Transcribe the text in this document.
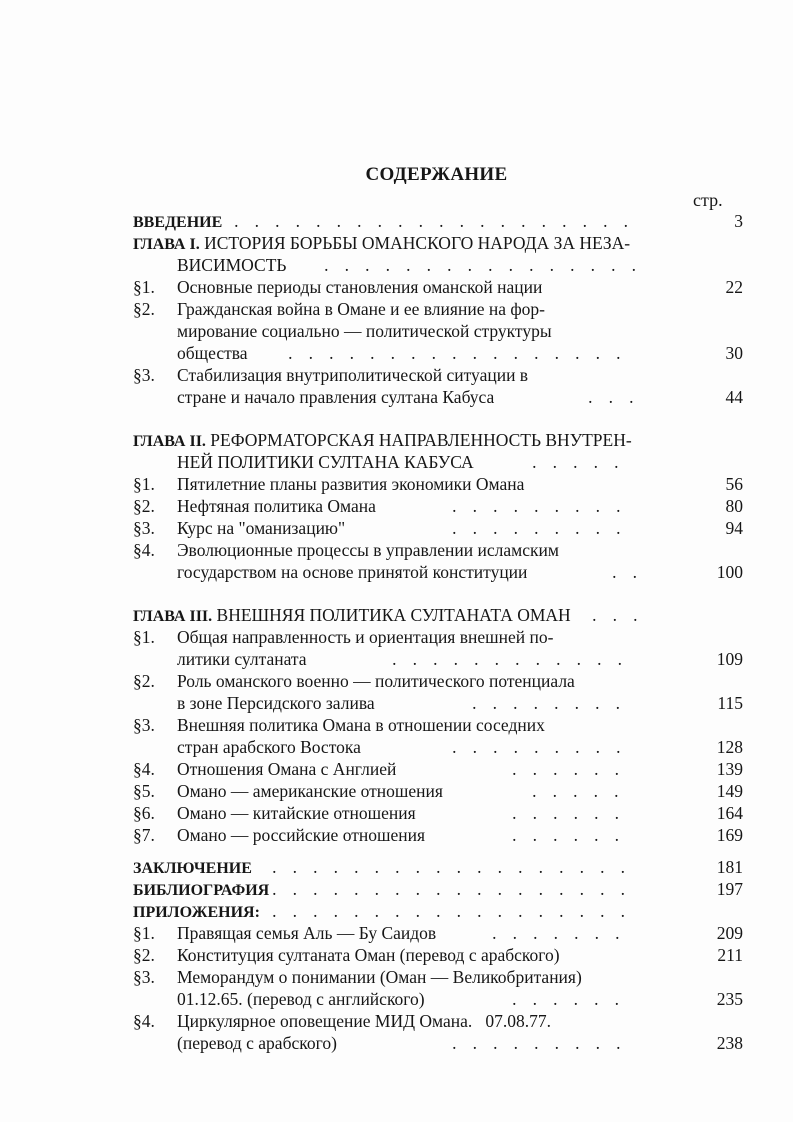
СОДЕРЖАНИЕ
стр.
ВВЕДЕНИЕ . . . . . . . . . . . . . . . . . . . .	3
ГЛАВА I. ИСТОРИЯ БОРЬБЫ ОМАНСКОГО НАРОДА ЗА НЕЗА-
ВИСИМОСТЬ	. . . . . . . . . . . . . . . .
§1.	Основные периоды становления оманской нации	22
§2.	Гражданская война в Омане и ее влияние на фор-
мирование социально — политической структуры
общества	. . . . . . . . . . . . . . . . .	30
§3.	Стабилизация внутриполитической ситуации в
стране и начало правления султана Кабуса	. . .	44
ГЛАВА II. РЕФОРМАТОРСКАЯ НАПРАВЛЕННОСТЬ ВНУТРЕН-
НЕЙ ПОЛИТИКИ СУЛТАНА КАБУСА	. . . . .
§1.	Пятилетние планы развития экономики Омана	56
§2.	Нефтяная политика Омана	. . . . . . . . .	80
§3.	Курс на "оманизацию"	. . . . . . . . .	94
§4.	Эволюционные процессы в управлении исламским
государством на основе принятой конституции	. .	100
ГЛАВА III. ВНЕШНЯЯ ПОЛИТИКА СУЛТАНАТА ОМАН	. . .
§1.	Общая направленность и ориентация внешней по-
литики султаната	. . . . . . . . . . . .	109
§2.	Роль оманского военно — политического потенциала
в зоне Персидского залива	. . . . . . . .	115
§3.	Внешняя политика Омана в отношении соседних
стран арабского Востока	. . . . . . . . .	128
§4.	Отношения Омана с Англией	. . . . . .	139
§5.	Омано — американские отношения	. . . . .	149
§6.	Омано — китайские отношения	. . . . . .	164
§7.	Омано — российские отношения	. . . . . .	169
ЗАКЛЮЧЕНИЕ	. . . . . . . . . . . . . . . . . .	181
БИБЛИОГРАФИЯ . . . . . . . . . . . . . . . . . .	197
ПРИЛОЖЕНИЯ: . . . . . . . . . . . . . . . . . .
§1.	Правящая семья Аль — Бу Саидов	. . . . . . .	209
§2.	Конституция султаната Оман (перевод с арабского)	211
§3.	Меморандум о понимании (Оман — Великобритания)
01.12.65. (перевод с английского)	. . . . . .	235
§4.	Циркулярное оповещение МИД Омана.   07.08.77.
(перевод с арабского)	. . . . . . . . .	238
